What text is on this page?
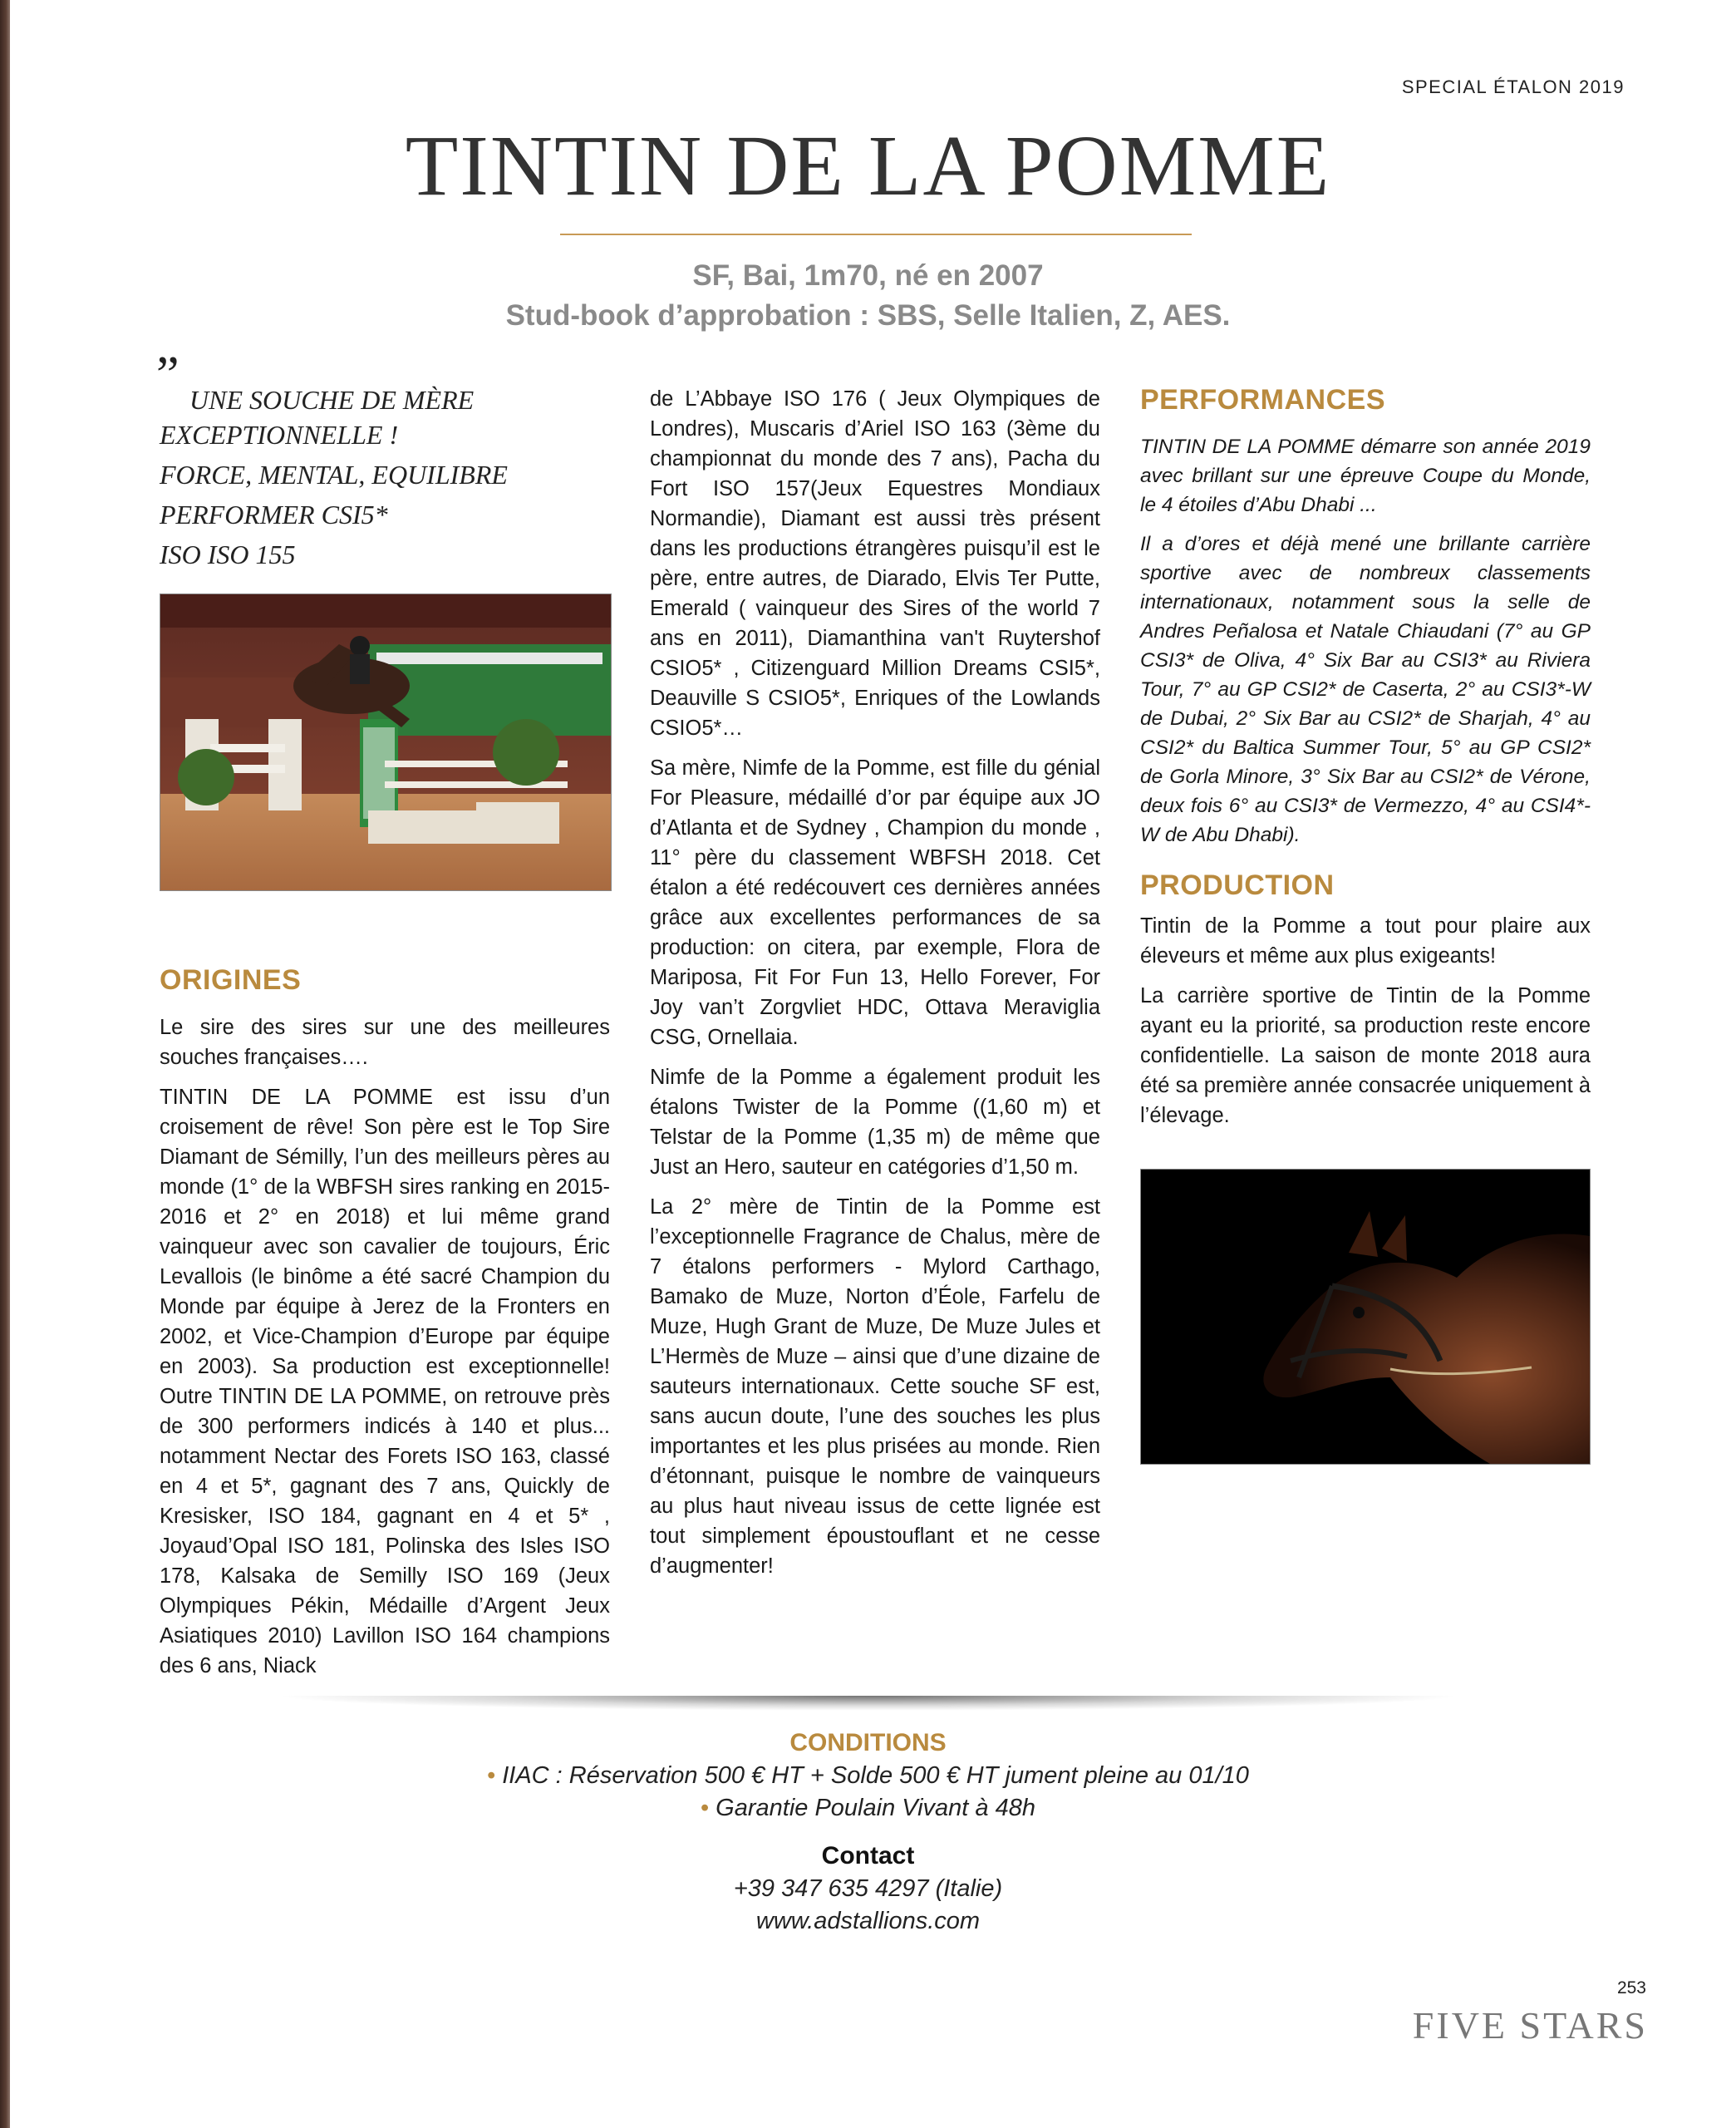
SPECIAL ÉTALON 2019
TINTIN DE LA POMME
SF, Bai, 1m70, né en 2007
Stud-book d’approbation : SBS, Selle Italien, Z, AES.
” UNE SOUCHE DE MÈRE
EXCEPTIONNELLE !
FORCE, MENTAL, EQUILIBRE
PERFORMER CSI5*
ISO ISO 155
ORIGINES

Le sire des sires sur une des meilleures souches françaises….

TINTIN DE LA POMME est issu d’un croisement de rêve! Son père est le Top Sire Diamant de Sémilly, l’un des meilleurs pères au monde (1° de la WBFSH sires ranking en 2015-2016 et 2° en 2018) et lui même grand vainqueur avec son cavalier de toujours, Éric Levallois (le binôme a été sacré Champion du Monde par équipe à Jerez de la Fronters en 2002, et Vice-Champion d’Europe par équipe en 2003). Sa production est exceptionnelle! Outre TINTIN DE LA POMME, on retrouve près de 300 performers indicés à 140 et plus... notamment Nectar des Forets ISO 163, classé en 4 et 5*, gagnant des 7 ans, Quickly de Kresisker, ISO 184, gagnant en 4 et 5* , Joyaud’Opal ISO 181, Polinska des Isles ISO 178, Kalsaka de Semilly ISO 169 (Jeux Olympiques Pékin, Médaille d’Argent Jeux Asiatiques 2010) Lavillon ISO 164 champions des 6 ans, Niack

de L’Abbaye ISO 176 ( Jeux Olympiques de Londres), Muscaris d’Ariel ISO 163 (3ème du championnat du monde des 7 ans), Pacha du Fort ISO 157(Jeux Equestres Mondiaux Normandie), Diamant est aussi très présent dans les productions étrangères puisqu’il est le père, entre autres, de Diarado, Elvis Ter Putte, Emerald ( vainqueur des Sires of the world 7 ans en 2011), Diamanthina van't Ruytershof CSIO5* , Citizenguard Million Dreams CSI5*, Deauville S CSIO5*, Enriques of the Lowlands CSIO5*…

Sa mère, Nimfe de la Pomme, est fille du génial For Pleasure, médaillé d’or par équipe aux JO d’Atlanta et de Sydney , Champion du monde , 11° père du classement WBFSH 2018. Cet étalon a été redécouvert ces dernières années grâce aux excellentes performances de sa production: on citera, par exemple, Flora de Mariposa, Fit For Fun 13, Hello Forever, For Joy van’t Zorgvliet HDC, Ottava Meraviglia CSG, Ornellaia.

Nimfe de la Pomme a également produit les étalons Twister de la Pomme ((1,60 m) et Telstar de la Pomme (1,35 m) de même que Just an Hero, sauteur en catégories d’1,50 m.

La 2° mère de Tintin de la Pomme est l’exceptionnelle Fragrance de Chalus, mère de 7 étalons performers - Mylord Carthago, Bamako de Muze, Norton d’Éole, Farfelu de Muze, Hugh Grant de Muze, De Muze Jules et L’Hermès de Muze – ainsi que d’une dizaine de sauteurs internationaux. Cette souche SF est, sans aucun doute, l’une des souches les plus importantes et les plus prisées au monde. Rien d’étonnant, puisque le nombre de vainqueurs au plus haut niveau issus de cette lignée est tout simplement époustouflant et ne cesse d’augmenter!

PERFORMANCES

TINTIN DE LA POMME démarre son année 2019 avec brillant sur une épreuve Coupe du Monde, le 4 étoiles d’Abu Dhabi ...

Il a d’ores et déjà mené une brillante carrière sportive avec de nombreux classements internationaux, notamment sous la selle de Andres Peñalosa et Natale Chiaudani (7° au GP CSI3* de Oliva, 4° Six Bar au CSI3* au Riviera Tour, 7° au GP CSI2* de Caserta, 2° au CSI3*-W de Dubai, 2° Six Bar au CSI2* de Sharjah, 4° au CSI2* du Baltica Summer Tour, 5° au GP CSI2* de Gorla Minore, 3° Six Bar au CSI2* de Vérone, deux fois 6° au CSI3* de Vermezzo, 4° au CSI4*-W de Abu Dhabi).

PRODUCTION

Tintin de la Pomme a tout pour plaire aux éleveurs et même aux plus exigeants!

La carrière sportive de Tintin de la Pomme ayant eu la priorité, sa production reste encore confidentielle. La saison de monte 2018 aura été sa première année consacrée uniquement à l’élevage.

CONDITIONS
• IIAC : Réservation 500 € HT + Solde 500 € HT jument pleine au 01/10
• Garantie Poulain Vivant à 48h
Contact
+39 347 635 4297 (Italie)
www.adstallions.com
253
FIVE STARS
